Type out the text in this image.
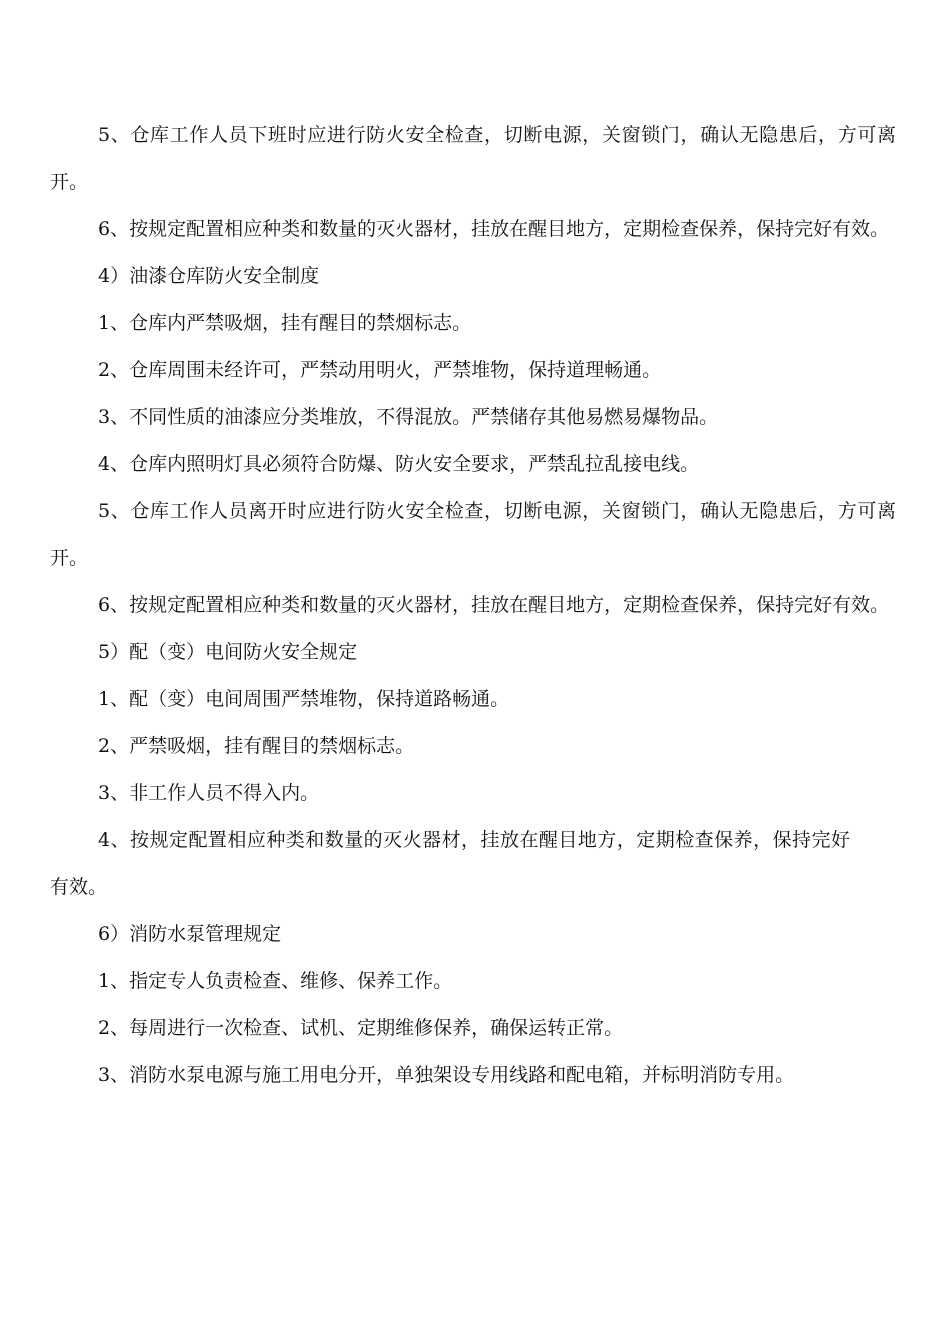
5、仓库工作人员下班时应进行防火安全检查，切断电源，关窗锁门，确认无隐患后，方可离开。

6、按规定配置相应种类和数量的灭火器材，挂放在醒目地方，定期检查保养，保持完好有效。

4）油漆仓库防火安全制度

1、仓库内严禁吸烟，挂有醒目的禁烟标志。

2、仓库周围未经许可，严禁动用明火，严禁堆物，保持道理畅通。

3、不同性质的油漆应分类堆放，不得混放。严禁储存其他易燃易爆物品。

4、仓库内照明灯具必须符合防爆、防火安全要求，严禁乱拉乱接电线。

5、仓库工作人员离开时应进行防火安全检查，切断电源，关窗锁门，确认无隐患后，方可离开。

6、按规定配置相应种类和数量的灭火器材，挂放在醒目地方，定期检查保养，保持完好有效。

5）配（变）电间防火安全规定

1、配（变）电间周围严禁堆物，保持道路畅通。

2、严禁吸烟，挂有醒目的禁烟标志。

3、非工作人员不得入内。

4、按规定配置相应种类和数量的灭火器材，挂放在醒目地方，定期检查保养，保持完好有效。

6）消防水泵管理规定

1、指定专人负责检查、维修、保养工作。

2、每周进行一次检查、试机、定期维修保养，确保运转正常。

3、消防水泵电源与施工用电分开，单独架设专用线路和配电箱，并标明消防专用。
